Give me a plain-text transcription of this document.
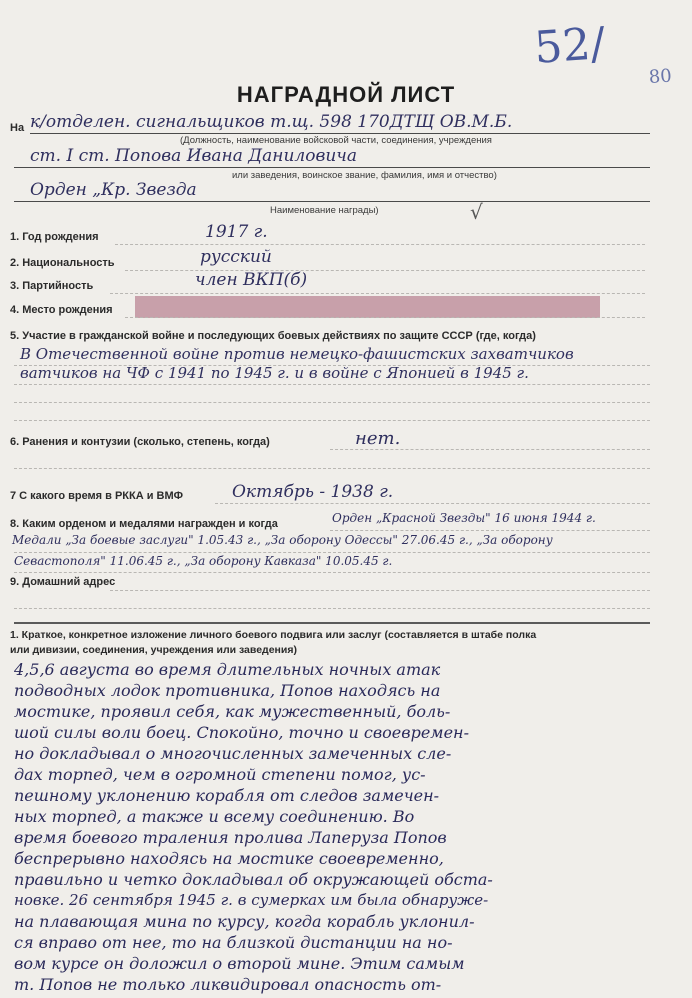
52/
80
НАГРАДНОЙ ЛИСТ
На к/отделен. сигнальщиков т.щ. 598 170ДТЩ ОВ.М.Б.
(Должность, наименование войсковой части, соединения, учреждения
ст. I ст. Попова Ивана Даниловича
или заведения, воинское звание, фамилия, имя и отчество)
Орден „Кр. Звезда
Наименование награды)	√
1. Год рождения	1917 г.
2. Национальность	русский
3. Партийность	член ВКП(б)
4. Место рождения
5. Участие в гражданской войне и последующих боевых действиях по защите СССР (где, когда)
В Отечественной войне против немецко-фашистских захватчиков
ватчиков на ЧФ с 1941 по 1945 г. и в войне с Японией в 1945 г.
6. Ранения и контузии (сколько, степень, когда)	нет.
7 С какого время в РККА и ВМФ	Октябрь - 1938 г.
8. Каким орденом и медалями награжден и когда	Орден „Красной Звезды" 16 июня 1944 г.
Медали „За боевые заслуги" 1.05.43 г., „За оборону Одессы" 27.06.45 г., „За оборону
Севастополя" 11.06.45 г., „За оборону Кавказа" 10.05.45 г.
9. Домашний адрес
1. Краткое, конкретное изложение личного боевого подвига или заслуг (составляется в штабе полка
или дивизии, соединения, учреждения или заведения)
4,5,6 августа во время длительных ночных атак
подводных лодок противника, Попов находясь на
мостике, проявил себя, как мужественный, боль-
шой силы воли боец. Спокойно, точно и своевремен-
но докладывал о многочисленных замеченных сле-
дах торпед, чем в огромной степени помог, ус-
пешному уклонению корабля от следов замечен-
ных торпед, а также и всему соединению. Во
время боевого траления пролива Лаперуза Попов
беспрерывно находясь на мостике своевременно,
правильно и четко докладывал об окружающей обста-
новке. 26 сентября 1945 г. в сумерках им была обнаруже-
на плавающая мина по курсу, когда корабль уклонил-
ся вправо от нее, то на близкой дистанции на но-
вом курсе он доложил о второй мине. Этим самым
т. Попов не только ликвидировал опасность от-
